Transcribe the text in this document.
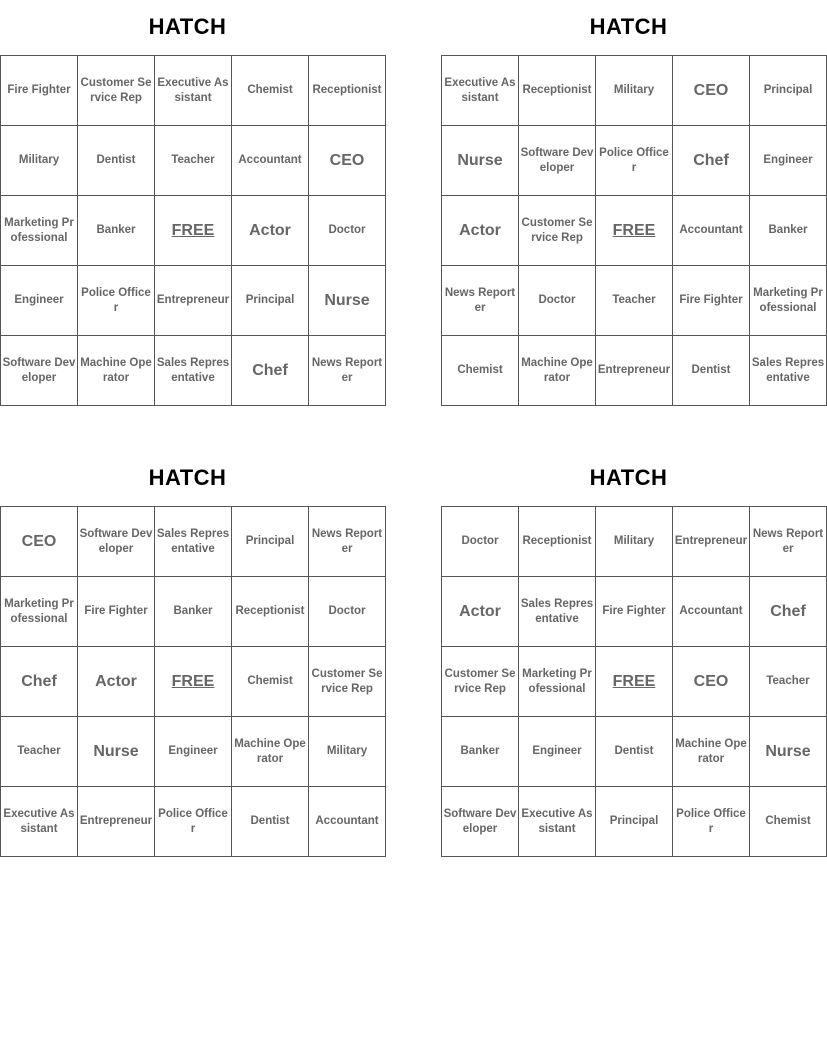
HATCH
Fire Fighter	Customer Service Rep	Executive Assistant	Chemist	Receptionist
Military	Dentist	Teacher	Accountant	CEO
Marketing Professional	Banker	FREE	Actor	Doctor
Engineer	Police Officer	Entrepreneur	Principal	Nurse
Software Developer	Machine Operator	Sales Representative	Chef	News Reporter
HATCH
Executive Assistant	Receptionist	Military	CEO	Principal
Nurse	Software Developer	Police Officer	Chef	Engineer
Actor	Customer Service Rep	FREE	Accountant	Banker
News Reporter	Doctor	Teacher	Fire Fighter	Marketing Professional
Chemist	Machine Operator	Entrepreneur	Dentist	Sales Representative
HATCH
CEO	Software Developer	Sales Representative	Principal	News Reporter
Marketing Professional	Fire Fighter	Banker	Receptionist	Doctor
Chef	Actor	FREE	Chemist	Customer Service Rep
Teacher	Nurse	Engineer	Machine Operator	Military
Executive Assistant	Entrepreneur	Police Officer	Dentist	Accountant
HATCH
Doctor	Receptionist	Military	Entrepreneur	News Reporter
Actor	Sales Representative	Fire Fighter	Accountant	Chef
Customer Service Rep	Marketing Professional	FREE	CEO	Teacher
Banker	Engineer	Dentist	Machine Operator	Nurse
Software Developer	Executive Assistant	Principal	Police Officer	Chemist
